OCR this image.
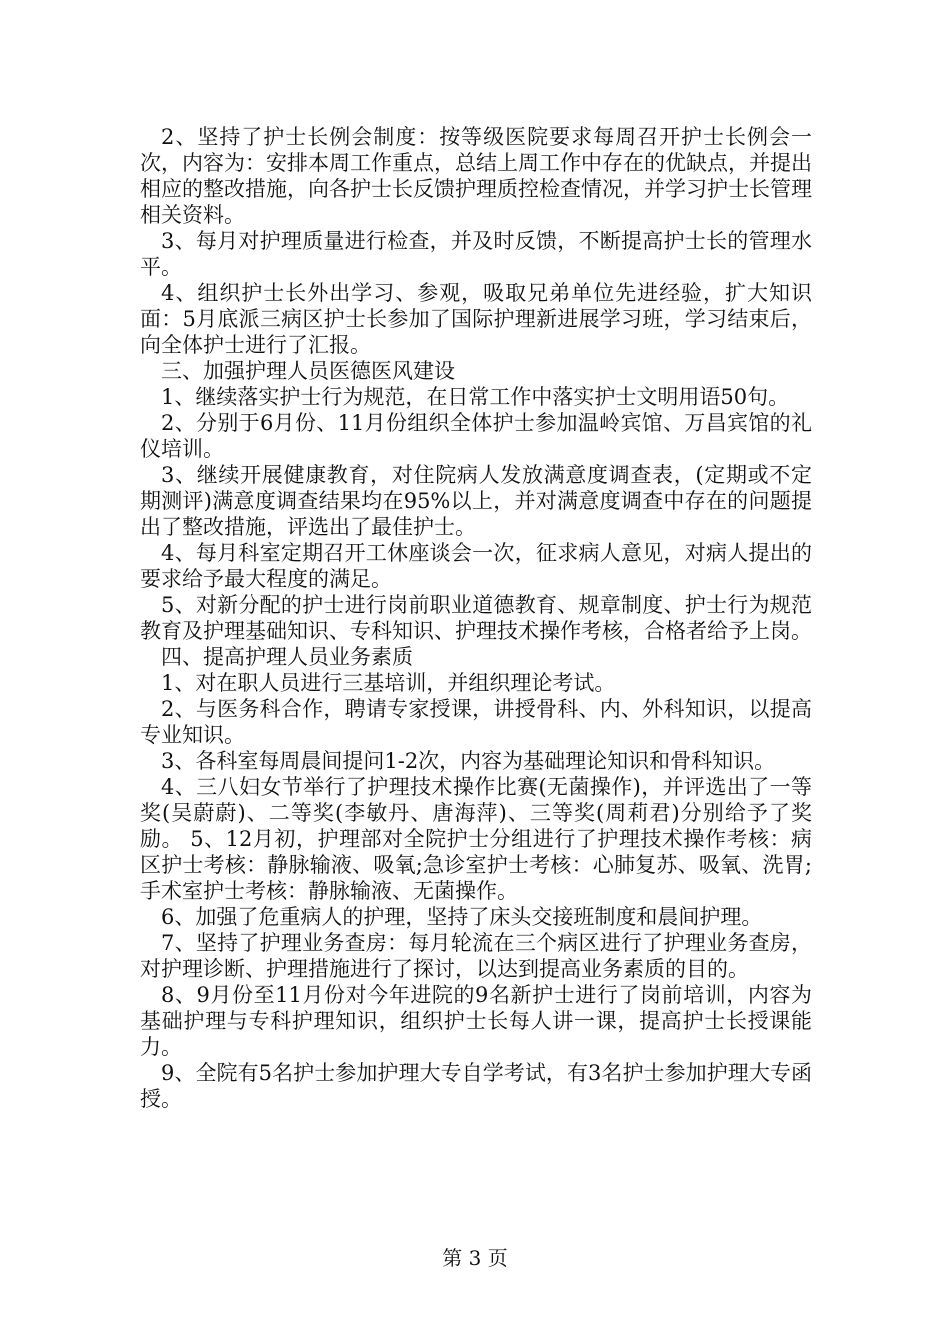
2、坚持了护士长例会制度：按等级医院要求每周召开护士长例会一次，内容为：安排本周工作重点，总结上周工作中存在的优缺点，并提出相应的整改措施，向各护士长反馈护理质控检查情况，并学习护士长管理相关资料。

3、每月对护理质量进行检查，并及时反馈，不断提高护士长的管理水平。

4、组织护士长外出学习、参观，吸取兄弟单位先进经验，扩大知识面：5月底派三病区护士长参加了国际护理新进展学习班，学习结束后，向全体护士进行了汇报。

三、加强护理人员医德医风建设

1、继续落实护士行为规范，在日常工作中落实护士文明用语50句。

2、分别于6月份、11月份组织全体护士参加温岭宾馆、万昌宾馆的礼仪培训。

3、继续开展健康教育，对住院病人发放满意度调查表，(定期或不定期测评)满意度调查结果均在95%以上，并对满意度调查中存在的问题提出了整改措施，评选出了最佳护士。

4、每月科室定期召开工休座谈会一次，征求病人意见，对病人提出的要求给予最大程度的满足。

5、对新分配的护士进行岗前职业道德教育、规章制度、护士行为规范教育及护理基础知识、专科知识、护理技术操作考核，合格者给予上岗。

四、提高护理人员业务素质

1、对在职人员进行三基培训，并组织理论考试。

2、与医务科合作，聘请专家授课，讲授骨科、内、外科知识，以提高专业知识。

3、各科室每周晨间提问1-2次，内容为基础理论知识和骨科知识。

4、三八妇女节举行了护理技术操作比赛(无菌操作)，并评选出了一等奖(吴蔚蔚)、二等奖(李敏丹、唐海萍)、三等奖(周莉君)分别给予了奖励。 5、12月初，护理部对全院护士分组进行了护理技术操作考核：病区护士考核：静脉输液、吸氧;急诊室护士考核：心肺复苏、吸氧、洗胃;手术室护士考核：静脉输液、无菌操作。

6、加强了危重病人的护理，坚持了床头交接班制度和晨间护理。

7、坚持了护理业务查房：每月轮流在三个病区进行了护理业务查房，对护理诊断、护理措施进行了探讨，以达到提高业务素质的目的。

8、9月份至11月份对今年进院的9名新护士进行了岗前培训，内容为基础护理与专科护理知识，组织护士长每人讲一课，提高护士长授课能力。

9、全院有5名护士参加护理大专自学考试，有3名护士参加护理大专函授。

第 3 页
